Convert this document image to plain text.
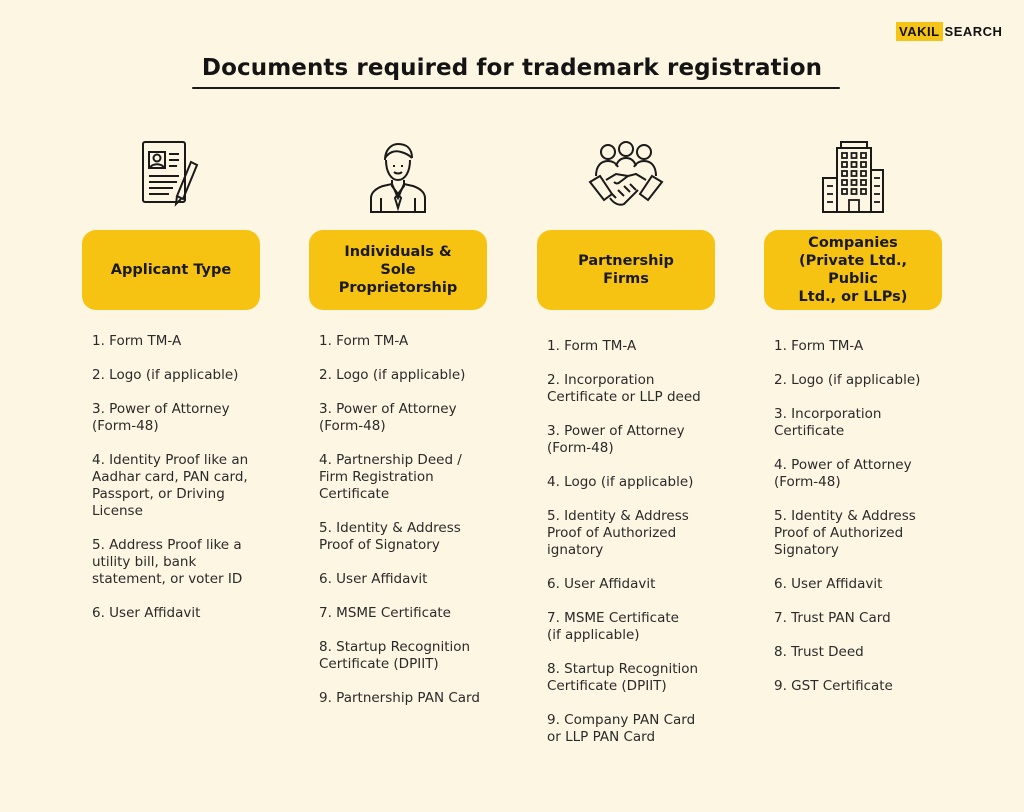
VAKIL SEARCH
Documents required for trademark registration
Applicant Type
1. Form TM-A
2. Logo (if applicable)
3. Power of Attorney
(Form-48)
4. Identity Proof like an
Aadhar card, PAN card,
Passport, or Driving
License
5. Address Proof like a
utility bill, bank
statement, or voter ID
6. User Affidavit
Individuals &
Sole
Proprietorship
1. Form TM-A
2. Logo (if applicable)
3. Power of Attorney
(Form-48)
4. Partnership Deed /
Firm Registration
Certificate
5. Identity & Address
Proof of Signatory
6. User Affidavit
7. MSME Certificate
8. Startup Recognition
Certificate (DPIIT)
9. Partnership PAN Card
Partnership
Firms
1. Form TM-A
2. Incorporation
Certificate or LLP deed
3. Power of Attorney
(Form-48)
4. Logo (if applicable)
5. Identity & Address
Proof of Authorized
ignatory
6. User Affidavit
7. MSME Certificate
(if applicable)
8. Startup Recognition
Certificate (DPIIT)
9. Company PAN Card
or LLP PAN Card
Companies
(Private Ltd., Public
Ltd., or LLPs)
1. Form TM-A
2. Logo (if applicable)
3. Incorporation
Certificate
4. Power of Attorney
(Form-48)
5. Identity & Address
Proof of Authorized
Signatory
6. User Affidavit
7. Trust PAN Card
8. Trust Deed
9. GST Certificate
